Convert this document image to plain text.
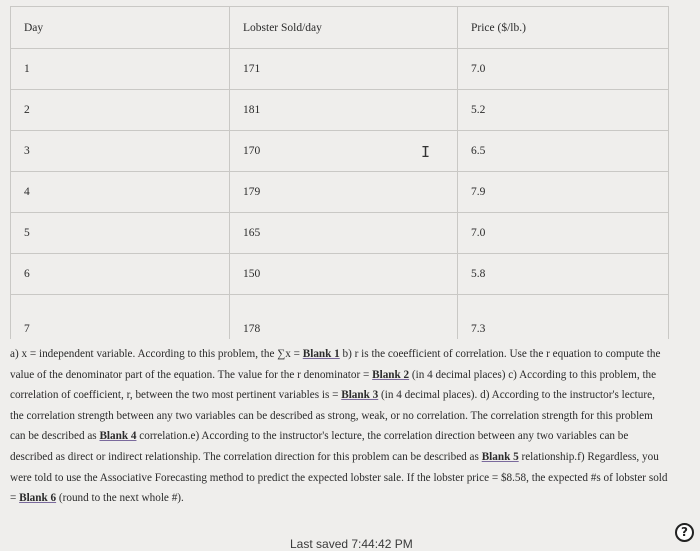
Day	Lobster Sold/day	Price ($/lb.)
1	171	7.0
2	181	5.2
3	170	6.5
4	179	7.9
5	165	7.0
6	150	5.8
7	178	7.3
I
a) x = independent variable. According to this problem, the ∑x = Blank 1 b) r is the coeefficient of correlation. Use the r equation to compute the value of the denominator part of the equation. The value for the r denominator = Blank 2 (in 4 decimal places) c) According to this problem, the correlation of coefficient, r, between the two most pertinent variables is = Blank 3 (in 4 decimal places). d) According to the instructor's lecture, the correlation strength between any two variables can be described as strong, weak, or no correlation. The correlation strength for this problem can be described as Blank 4 correlation.e) According to the instructor's lecture, the correlation direction between any two variables can be described as direct or indirect relationship. The correlation direction for this problem can be described as Blank 5 relationship.f) Regardless, you were told to use the Associative Forecasting method to predict the expected lobster sale. If the lobster price = $8.58, the expected #s of lobster sold = Blank 6 (round to the next whole #).
Last saved 7:44:42 PM
?
